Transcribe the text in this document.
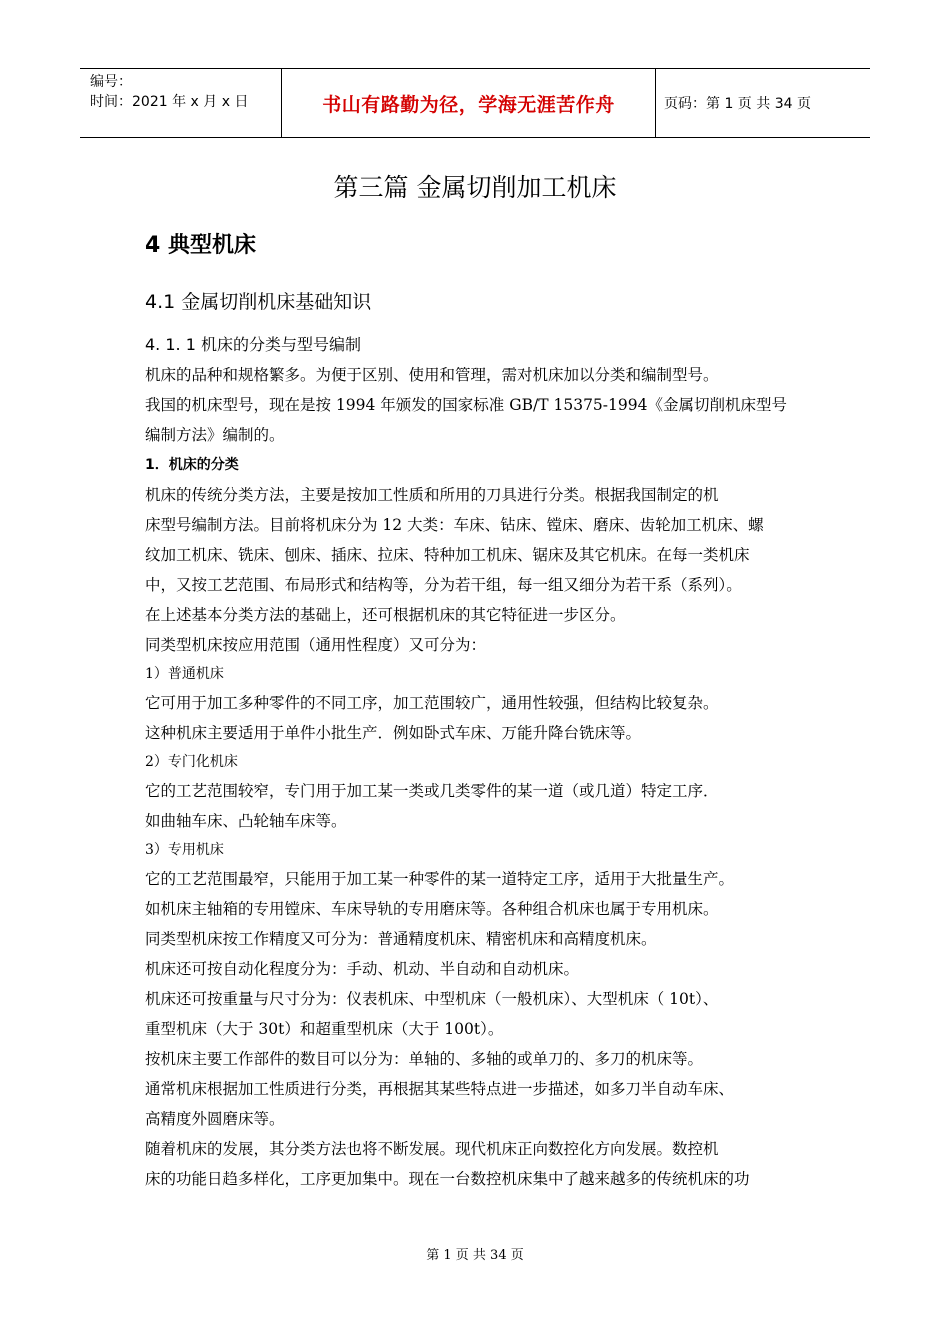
编号：
时间：2021 年 x 月 x 日	书山有路勤为径，学海无涯苦作舟	页码：第 1 页 共 34 页
第三篇 金属切削加工机床
4 典型机床
4.1 金属切削机床基础知识
4. 1. 1 机床的分类与型号编制
机床的品种和规格繁多。为便于区别、使用和管理，需对机床加以分类和编制型号。
我国的机床型号，现在是按 1994 年颁发的国家标准 GB/T 15375-1994《金属切削机床型号
编制方法》编制的。
1．机床的分类
机床的传统分类方法，主要是按加工性质和所用的刀具进行分类。根据我国制定的机
床型号编制方法。目前将机床分为 12 大类：车床、钻床、镗床、磨床、齿轮加工机床、螺
纹加工机床、铣床、刨床、插床、拉床、特种加工机床、锯床及其它机床。在每一类机床
中，又按工艺范围、布局形式和结构等，分为若干组，每一组又细分为若干系（系列）。
在上述基本分类方法的基础上，还可根据机床的其它特征进一步区分。
同类型机床按应用范围（通用性程度）又可分为：
1）普通机床
它可用于加工多种零件的不同工序，加工范围较广，通用性较强，但结构比较复杂。
这种机床主要适用于单件小批生产．例如卧式车床、万能升降台铣床等。
2）专门化机床
它的工艺范围较窄，专门用于加工某一类或几类零件的某一道（或几道）特定工序．
如曲轴车床、凸轮轴车床等。
3）专用机床
它的工艺范围最窄，只能用于加工某一种零件的某一道特定工序，适用于大批量生产。
如机床主轴箱的专用镗床、车床导轨的专用磨床等。各种组合机床也属于专用机床。
同类型机床按工作精度又可分为：普通精度机床、精密机床和高精度机床。
机床还可按自动化程度分为：手动、机动、半自动和自动机床。
机床还可按重量与尺寸分为：仪表机床、中型机床（一般机床）、大型机床（ 10t）、
重型机床（大于 30t）和超重型机床（大于 100t）。
按机床主要工作部件的数目可以分为：单轴的、多轴的或单刀的、多刀的机床等。
通常机床根据加工性质进行分类，再根据其某些特点进一步描述，如多刀半自动车床、
高精度外圆磨床等。
随着机床的发展，其分类方法也将不断发展。现代机床正向数控化方向发展。数控机
床的功能日趋多样化，工序更加集中。现在一台数控机床集中了越来越多的传统机床的功
第 1 页 共 34 页
